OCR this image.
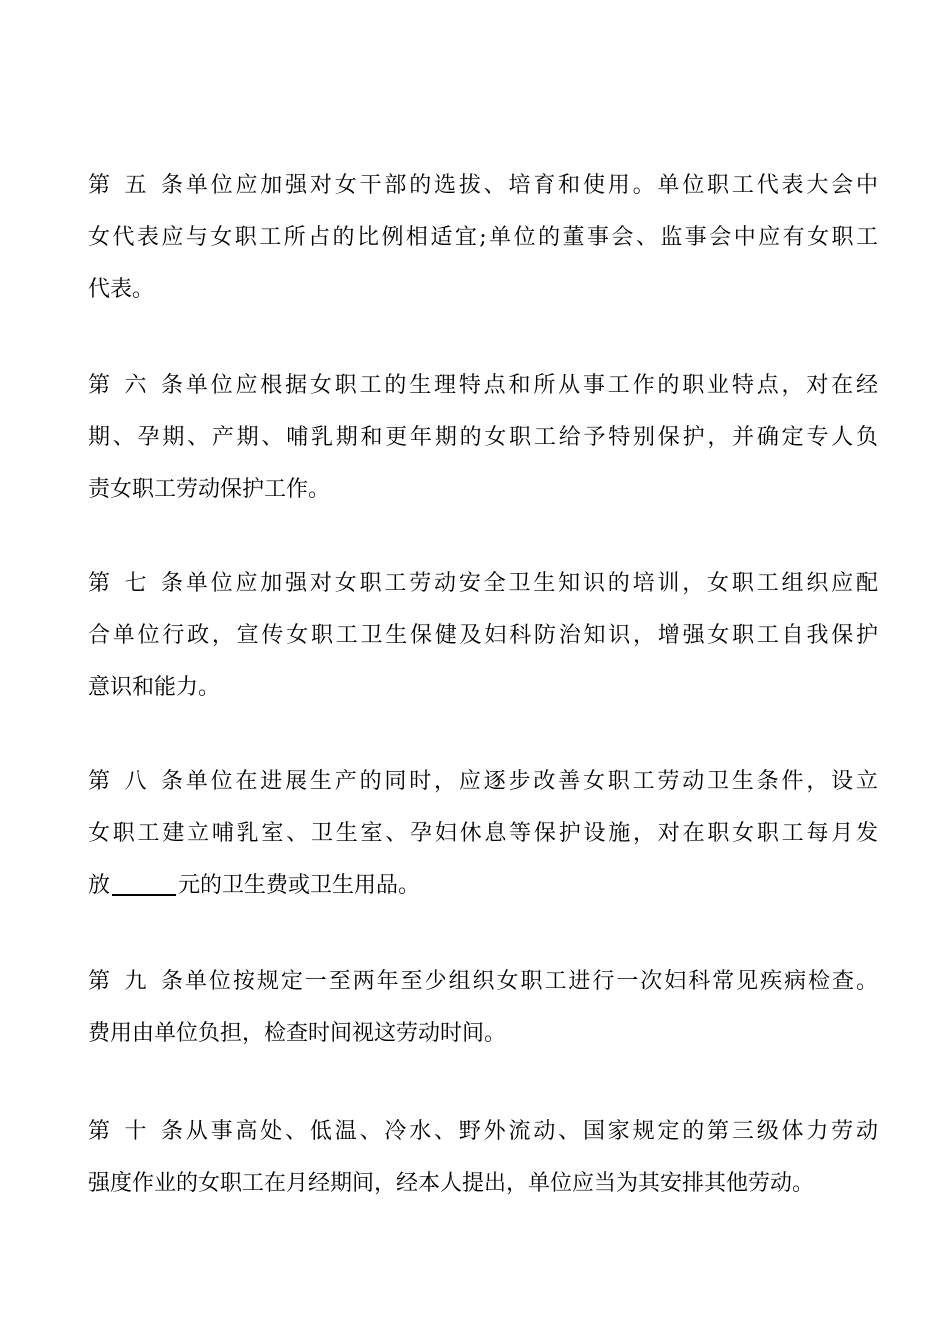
第五条单位应加强对女干部的选拔、培育和使用。单位职工代表大会中
女代表应与女职工所占的比例相适宜;单位的董事会、监事会中应有女职工
代表。
第六条单位应根据女职工的生理特点和所从事工作的职业特点，对在经
期、孕期、产期、哺乳期和更年期的女职工给予特别保护，并确定专人负
责女职工劳动保护工作。
第七条单位应加强对女职工劳动安全卫生知识的培训，女职工组织应配
合单位行政，宣传女职工卫生保健及妇科防治知识，增强女职工自我保护
意识和能力。
第八条单位在进展生产的同时，应逐步改善女职工劳动卫生条件，设立
女职工建立哺乳室、卫生室、孕妇休息等保护设施，对在职女职工每月发
放	元的卫生费或卫生用品。
第九条单位按规定一至两年至少组织女职工进行一次妇科常见疾病检查。
费用由单位负担，检查时间视这劳动时间。
第十条从事高处、低温、冷水、野外流动、国家规定的第三级体力劳动
强度作业的女职工在月经期间，经本人提出，单位应当为其安排其他劳动。
